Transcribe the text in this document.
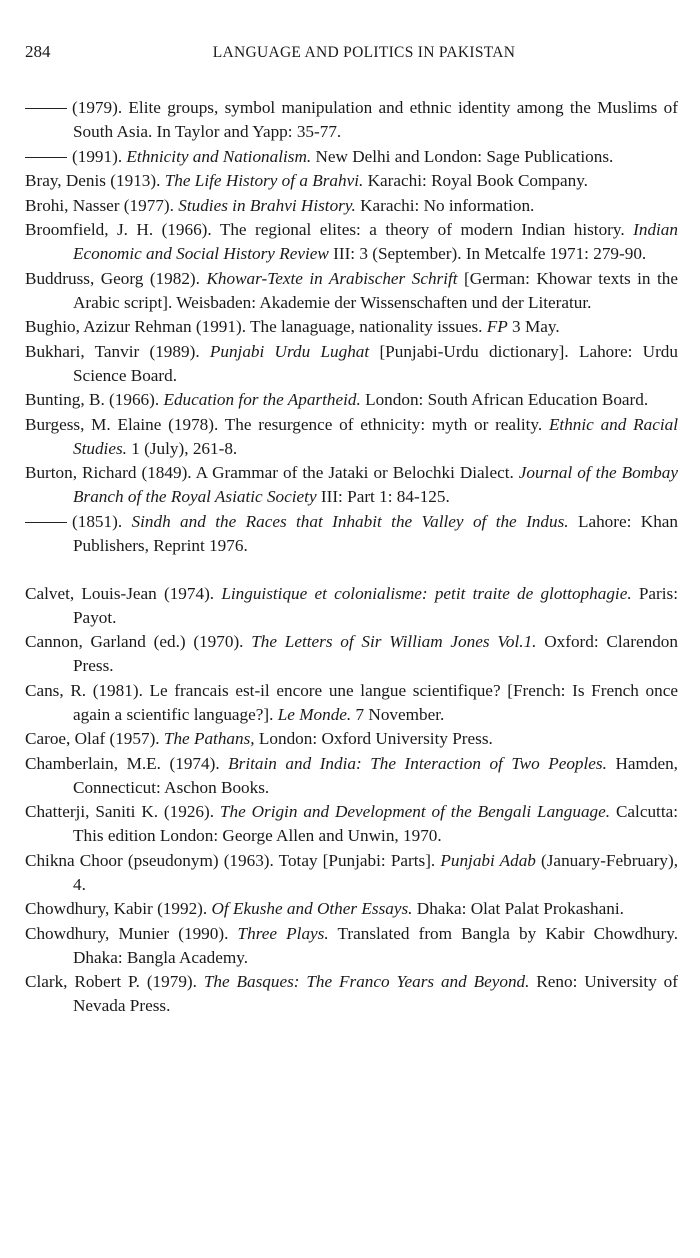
284	LANGUAGE AND POLITICS IN PAKISTAN

(1979). Elite groups, symbol manipulation and ethnic identity among the Muslims of South Asia. In Taylor and Yapp: 35-77.

(1991). Ethnicity and Nationalism. New Delhi and London: Sage Publications.

Bray, Denis (1913). The Life History of a Brahvi. Karachi: Royal Book Company.

Brohi, Nasser (1977). Studies in Brahvi History. Karachi: No information.

Broomfield, J. H. (1966). The regional elites: a theory of modern Indian history. Indian Economic and Social History Review III: 3 (September). In Metcalfe 1971: 279-90.

Buddruss, Georg (1982). Khowar-Texte in Arabischer Schrift [German: Khowar texts in the Arabic script]. Weisbaden: Akademie der Wissenschaften und der Literatur.

Bughio, Azizur Rehman (1991). The lanaguage, nationality issues. FP 3 May.

Bukhari, Tanvir (1989). Punjabi Urdu Lughat [Punjabi-Urdu dictionary]. Lahore: Urdu Science Board.

Bunting, B. (1966). Education for the Apartheid. London: South African Education Board.

Burgess, M. Elaine (1978). The resurgence of ethnicity: myth or reality. Ethnic and Racial Studies. 1 (July), 261-8.

Burton, Richard (1849). A Grammar of the Jataki or Belochki Dialect. Journal of the Bombay Branch of the Royal Asiatic Society III: Part 1: 84-125.

(1851). Sindh and the Races that Inhabit the Valley of the Indus. Lahore: Khan Publishers, Reprint 1976.

Calvet, Louis-Jean (1974). Linguistique et colonialisme: petit traite de glottophagie. Paris: Payot.

Cannon, Garland (ed.) (1970). The Letters of Sir William Jones Vol.1. Oxford: Clarendon Press.

Cans, R. (1981). Le francais est-il encore une langue scientifique? [French: Is French once again a scientific language?]. Le Monde. 7 November.

Caroe, Olaf (1957). The Pathans, London: Oxford University Press.

Chamberlain, M.E. (1974). Britain and India: The Interaction of Two Peoples. Hamden, Connecticut: Aschon Books.

Chatterji, Saniti K. (1926). The Origin and Development of the Bengali Language. Calcutta: This edition London: George Allen and Unwin, 1970.

Chikna Choor (pseudonym) (1963). Totay [Punjabi: Parts]. Punjabi Adab (January-February), 4.

Chowdhury, Kabir (1992). Of Ekushe and Other Essays. Dhaka: Olat Palat Prokashani.

Chowdhury, Munier (1990). Three Plays. Translated from Bangla by Kabir Chowdhury. Dhaka: Bangla Academy.

Clark, Robert P. (1979). The Basques: The Franco Years and Beyond. Reno: University of Nevada Press.
